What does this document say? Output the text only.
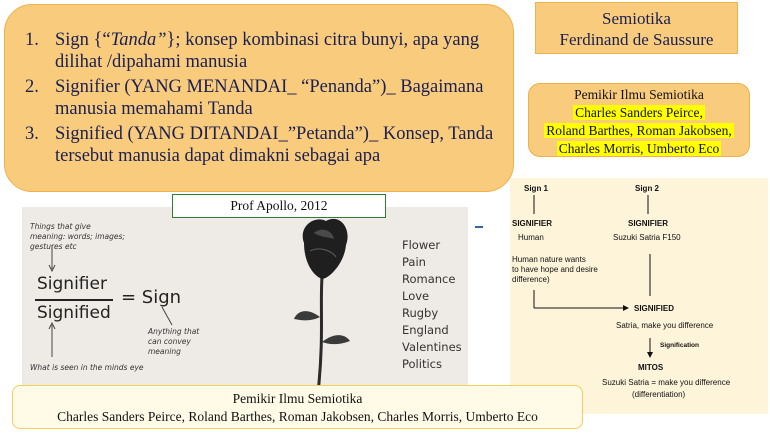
1. Sign {“Tanda”}; konsep kombinasi citra bunyi, apa yang dilihat /dipahami manusia
2. Signifier (YANG MENANDAI_ “Penanda”)_ Bagaimana manusia memahami Tanda
3. Signified (YANG DITANDAI_”Petanda”)_ Konsep, Tanda tersebut manusia dapat dimakni sebagai apa
Semiotika
Ferdinand de Saussure
Pemikir Ilmu Semiotika
Charles Sanders Peirce,
Roland Barthes, Roman Jakobsen,
Charles Morris, Umberto Eco
Things that give meaning: words; images; gestures etc
Signifier
Signified
= Sign
Anything that can convey meaning
What is seen in the minds eye
Flower
Pain
Romance
Love
Rugby
England
Valentines
Politics
Prof Apollo, 2012
Sign 1	Sign 2
SIGNIFIER
Human
Human nature wants
to have hope and desire
difference)
SIGNIFIER
Suzuki Satria F150
SIGNIFIED
Satria, make you difference
Signification
MITOS
Suzuki Satria = make you difference
(differentiation)
Pemikir Ilmu Semiotika
Charles Sanders Peirce, Roland Barthes, Roman Jakobsen, Charles Morris, Umberto Eco
